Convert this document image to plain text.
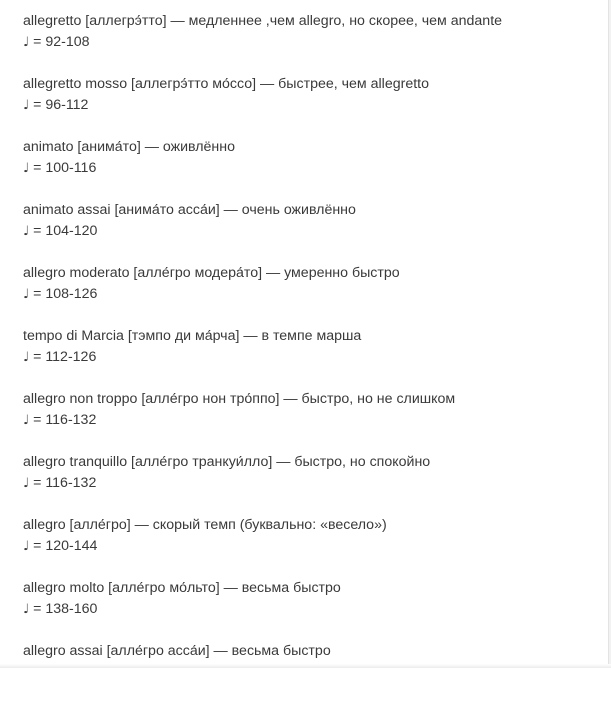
allegretto [аллегрэ́тто] — медленнее ,чем allegro, но скорее, чем andante
♩ = 92-108
allegretto mosso [аллегрэ́тто мо́ссо] — быстрее, чем allegretto
♩ = 96-112
animato [анима́то] — оживлённо
♩ = 100-116
animato assai [анима́то асса́и] — очень оживлённо
♩ = 104-120
allegro moderato [алле́гро модера́то] — умеренно быстро
♩ = 108-126
tempo di Marcia [тэмпо ди ма́рча] — в темпе марша
♩ = 112-126
allegro non troppo [алле́гро нон тро́ппо] — быстро, но не слишком
♩ = 116-132
allegro tranquillo [алле́гро транкуи́лло] — быстро, но спокойно
♩ = 116-132
allegro [алле́гро] — скорый темп (буквально: «весело»)
♩ = 120-144
allegro molto [алле́гро мо́льто] — весьма быстро
♩ = 138-160
allegro assai [алле́гро асса́и] — весьма быстро
